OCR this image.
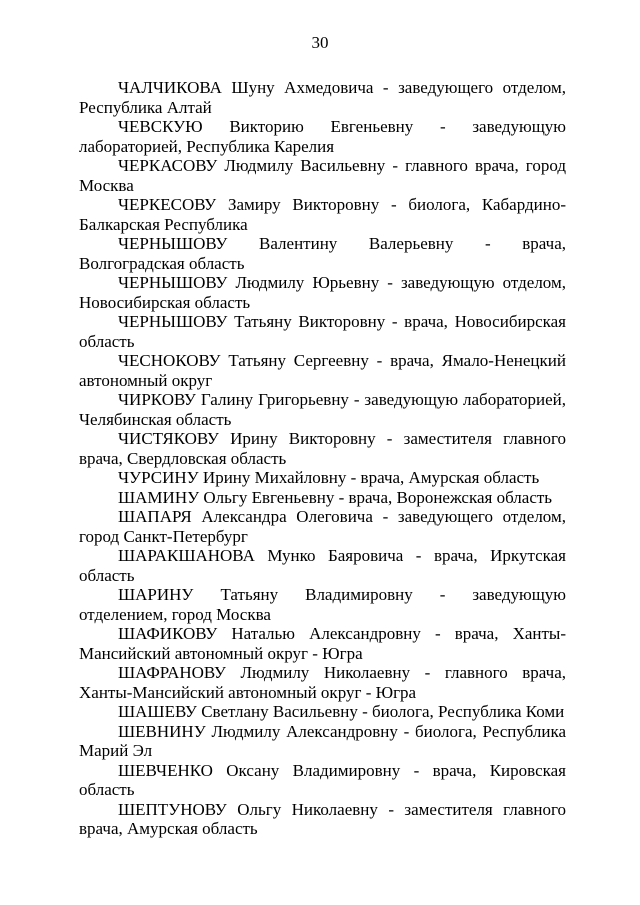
30

ЧАЛЧИКОВА Шуну Ахмедовича - заведующего отделом, Республика Алтай

ЧЕВСКУЮ Викторию Евгеньевну - заведующую лабораторией, Республика Карелия

ЧЕРКАСОВУ Людмилу Васильевну - главного врача, город Москва

ЧЕРКЕСОВУ Замиру Викторовну - биолога, Кабардино-Балкарская Республика

ЧЕРНЫШОВУ Валентину Валерьевну - врача, Волгоградская область

ЧЕРНЫШОВУ Людмилу Юрьевну - заведующую отделом, Новосибирская область

ЧЕРНЫШОВУ Татьяну Викторовну - врача, Новосибирская область

ЧЕСНОКОВУ Татьяну Сергеевну - врача, Ямало-Ненецкий автономный округ

ЧИРКОВУ Галину Григорьевну - заведующую лабораторией, Челябинская область

ЧИСТЯКОВУ Ирину Викторовну - заместителя главного врача, Свердловская область

ЧУРСИНУ Ирину Михайловну - врача, Амурская область

ШАМИНУ Ольгу Евгеньевну - врача, Воронежская область

ШАПАРЯ Александра Олеговича - заведующего отделом, город Санкт-Петербург

ШАРАКШАНОВА Мунко Баяровича - врача, Иркутская область

ШАРИНУ Татьяну Владимировну - заведующую отделением, город Москва

ШАФИКОВУ Наталью Александровну - врача, Ханты-Мансийский автономный округ - Югра

ШАФРАНОВУ Людмилу Николаевну - главного врача, Ханты-Мансийский автономный округ - Югра

ШАШЕВУ Светлану Васильевну - биолога, Республика Коми

ШЕВНИНУ Людмилу Александровну - биолога, Республика Марий Эл

ШЕВЧЕНКО Оксану Владимировну - врача, Кировская область

ШЕПТУНОВУ Ольгу Николаевну - заместителя главного врача, Амурская область
